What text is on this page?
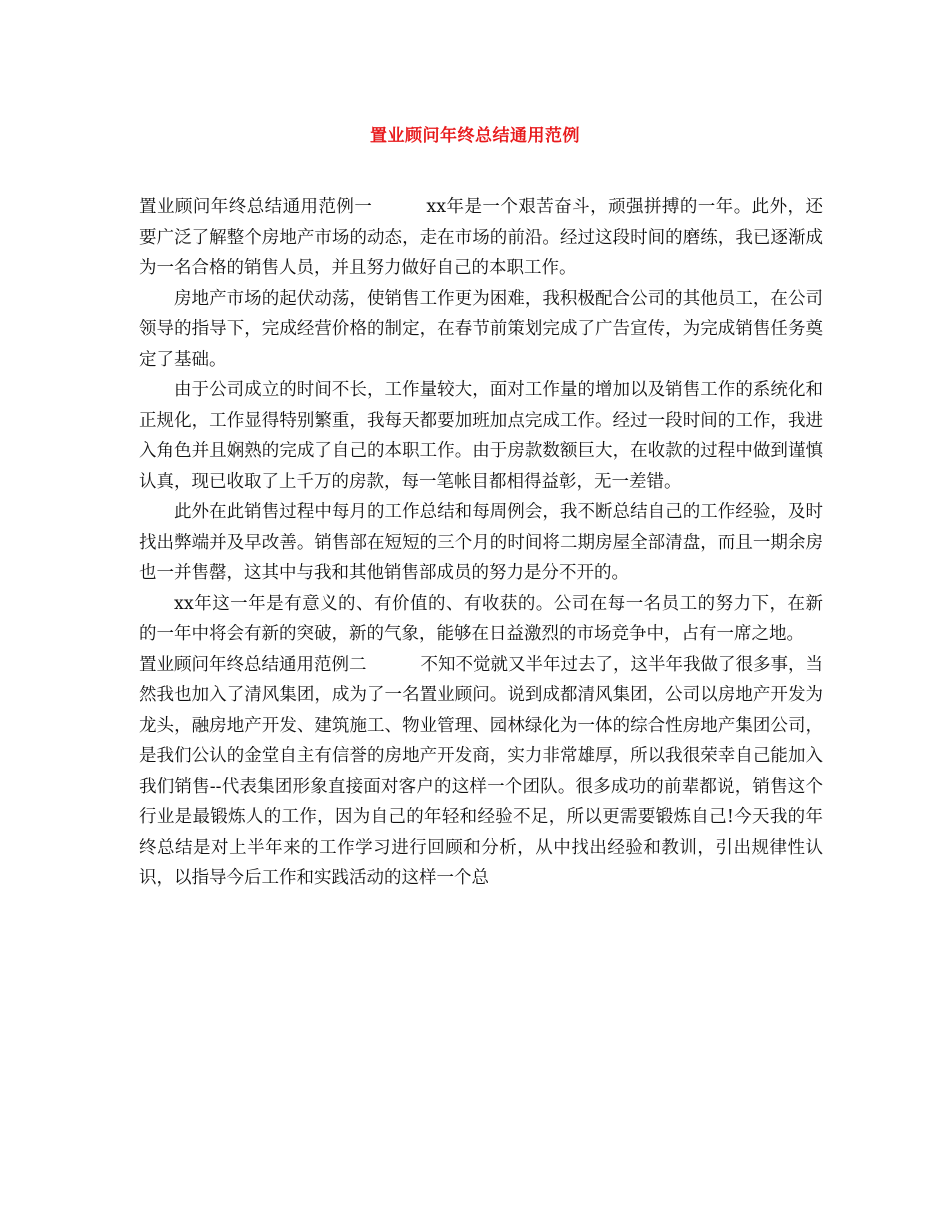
置业顾问年终总结通用范例

置业顾问年终总结通用范例一	xx年是一个艰苦奋斗，顽强拼搏的一年。此外，还要广泛了解整个房地产市场的动态，走在市场的前沿。经过这段时间的磨练，我已逐渐成为一名合格的销售人员，并且努力做好自己的本职工作。

房地产市场的起伏动荡，使销售工作更为困难，我积极配合公司的其他员工，在公司领导的指导下，完成经营价格的制定，在春节前策划完成了广告宣传，为完成销售任务奠定了基础。

由于公司成立的时间不长，工作量较大，面对工作量的增加以及销售工作的系统化和正规化，工作显得特别繁重，我每天都要加班加点完成工作。经过一段时间的工作，我进入角色并且娴熟的完成了自己的本职工作。由于房款数额巨大，在收款的过程中做到谨慎认真，现已收取了上千万的房款，每一笔帐目都相得益彰，无一差错。

此外在此销售过程中每月的工作总结和每周例会，我不断总结自己的工作经验，及时找出弊端并及早改善。销售部在短短的三个月的时间将二期房屋全部清盘，而且一期余房也一并售罄，这其中与我和其他销售部成员的努力是分不开的。

xx年这一年是有意义的、有价值的、有收获的。公司在每一名员工的努力下，在新的一年中将会有新的突破，新的气象，能够在日益激烈的市场竞争中，占有一席之地。

置业顾问年终总结通用范例二	不知不觉就又半年过去了，这半年我做了很多事，当然我也加入了清风集团，成为了一名置业顾问。说到成都清风集团，公司以房地产开发为龙头，融房地产开发、建筑施工、物业管理、园林绿化为一体的综合性房地产集团公司，是我们公认的金堂自主有信誉的房地产开发商，实力非常雄厚，所以我很荣幸自己能加入我们销售--代表集团形象直接面对客户的这样一个团队。很多成功的前辈都说，销售这个行业是最锻炼人的工作，因为自己的年轻和经验不足，所以更需要锻炼自己!今天我的年终总结是对上半年来的工作学习进行回顾和分析，从中找出经验和教训，引出规律性认识，以指导今后工作和实践活动的这样一个总
